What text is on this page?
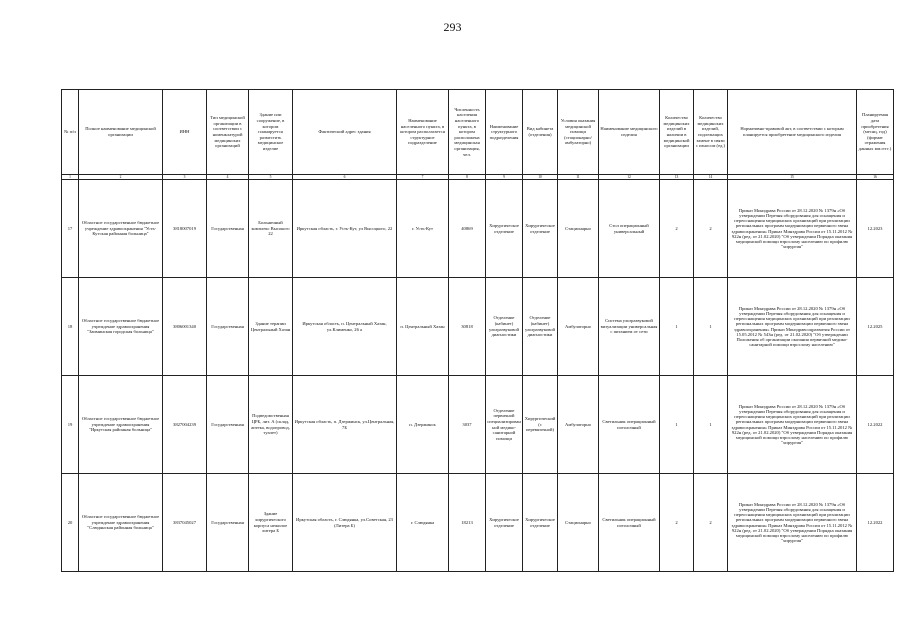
293
№ п/п	Полное наименование медицинской организации	ИНН	Тип медицинской организации в соответствии с номенклатурой медицинских организаций	Здание или сооружение, в котором планируется разместить медицинское изделие	Фактический адрес здания	Наименование населенного пункта, в котором располагается структурное подразделение	Численность населения населенного пункта, в котором расположена медицинская организация, чел.	Наименование структурного подразделения	Вид кабинета (отделения)	Условия оказания медицинской помощи (стационарно/амбулаторно)	Наименование медицинского изделия	Количество медицинских изделий в наличии в медицинской организации	Количество медицинских изделий, подлежащих замене в связи с износом (ед.)	Нормативно-правовой акт, в соответствии с которым планируется приобретение медицинского изделия	Планируемая дата приобретения (месяц, год) (формат отражения данных мм.гггг.)
1	2	3	4	5	6	7	8	9	10	11	12	13	14	15	16
17	Областное государственное бюджетное учреждение здравоохранения "Усть-Кутская районная больница"	3818007019	Государственная	Больничный комплекс Высокого 22	Иркутская область, г. Усть-Кут, ул Высоцкого, 22	г. Усть-Кут	40869	Хирургическое отделение	Хирургическое отделение	Стационарно	Стол операционный универсальный	2	2	Приказ Минздрава России от 28.12.2020 № 1379н «Об утверждении Перечня оборудования для оснащения и переоснащения медицинских организаций при реализации региональных программ модернизации первичного звена здравоохранения» Приказ Минздрава России от 15.11.2012 № 922н (ред. от 21.02.2020) "Об утверждении Порядка оказания медицинской помощи взрослому населению по профилю "хирургия"	12.2023
18	Областное государственное бюджетное учреждение здравоохранения "Заиминская городская больница"	3806001340	Государственная	Здание терапии Центральный Хазан	Иркутская область, п. Центральный Хазан, ул.Клименко, 26 а	п. Центральный Хазан	30818	Отделение (кабинет) ультразвуковой диагностики	Отделение (кабинет) ультразвуковой диагностики	Амбулаторно	Система ультразвуковой визуализации универсальная с питанием от сети	1	1	Приказ Минздрава России от 28.12.2020 № 1379н «Об утверждении Перечня оборудования для оснащения и переоснащения медицинских организаций при реализации региональных программ модернизации первичного звена здравоохранения» Приказ Минздравсоцразвития России от 15.05.2012 № 543н (ред. от 21.02.2020) "Об утверждении Положения об организации оказания первичной медико-санитарной помощи взрослому населению"	12.2025
19	Областное государственное бюджетное учреждение здравоохранения "Иркутская районная больница"	3827004239	Государственная	Подведомственная ЦРБ, лит. А (склад, аптека, водопровод, туалет)	Иркутская область, п. Дзержинск, ул.Центральная, 7Б	п. Дзержинск	3037	Отделение первичной специализированной медико-санитарной помощи	Хирургический (с перевязочной)	Амбулаторно	Светильник операционный потолочный	1	1	Приказ Минздрава России от 28.12.2020 № 1379н «Об утверждении Перечня оборудования для оснащения и переоснащения медицинских организаций при реализации региональных программ модернизации первичного звена здравоохранения» Приказ Минздрава России от 15.11.2012 № 922н (ред. от 21.02.2020) "Об утверждении Порядка оказания медицинской помощи взрослому населению по профилю "хирургия"	12.2022
20	Областное государственное бюджетное учреждение здравоохранения "Слюдянская районная больница"	3837045027	Государственная	Здание хирургического корпуса нежилое литера Б	Иркутская область, г. Слюдянка, ул.Советская, 23 (Литера Б)	г. Слюдянка	18213	Хирургическое отделение	Хирургическое отделение	Стационарно	Светильник операционный потолочный	2	2	Приказ Минздрава России от 28.12.2020 № 1379н «Об утверждении Перечня оборудования для оснащения и переоснащения медицинских организаций при реализации региональных программ модернизации первичного звена здравоохранения» Приказ Минздрава России от 15.11.2012 № 922н (ред. от 21.02.2020) "Об утверждении Порядка оказания медицинской помощи взрослому населению по профилю "хирургия"	12.2022
